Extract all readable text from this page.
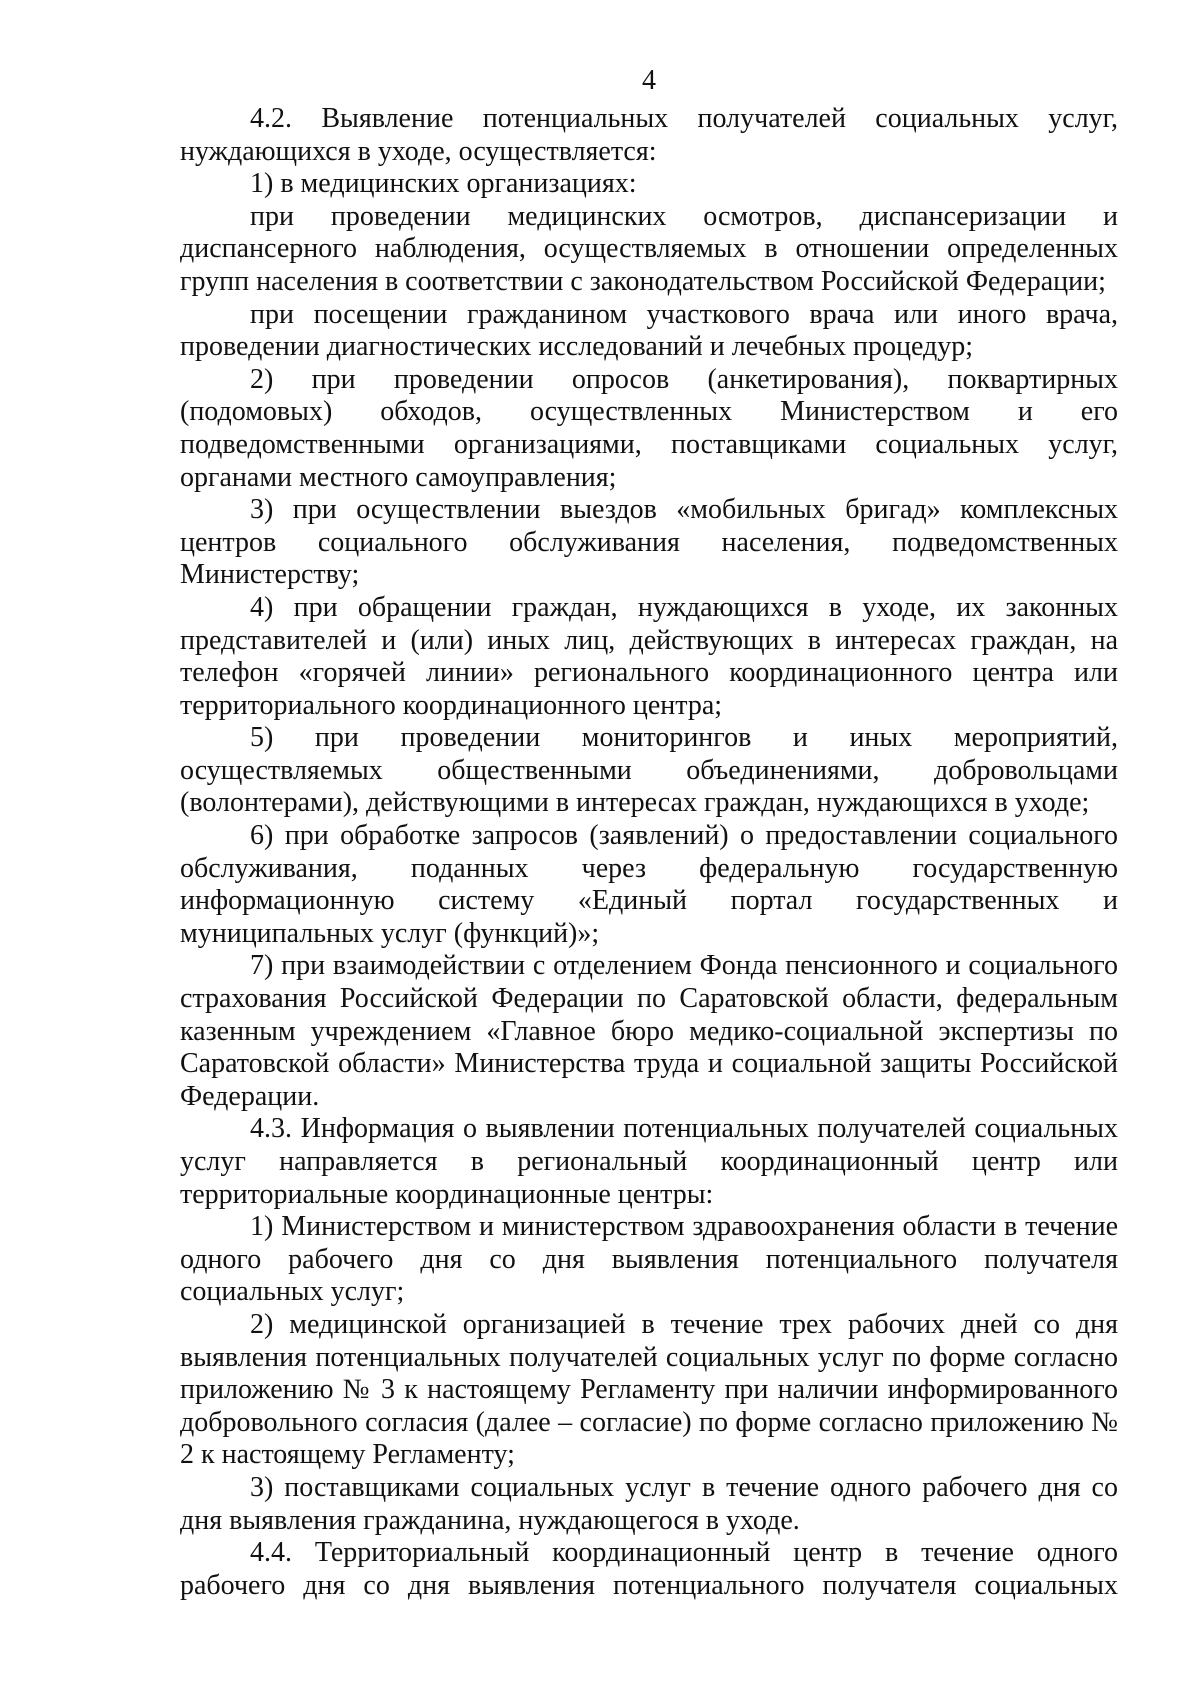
4

4.2. Выявление потенциальных получателей социальных услуг, нуждающихся в уходе, осуществляется:

1) в медицинских организациях:

при проведении медицинских осмотров, диспансеризации и диспансерного наблюдения, осуществляемых в отношении определенных групп населения в соответствии с законодательством Российской Федерации;

при посещении гражданином участкового врача или иного врача, проведении диагностических исследований и лечебных процедур;

2) при проведении опросов (анкетирования), поквартирных (подомовых) обходов, осуществленных Министерством и его подведомственными организациями, поставщиками социальных услуг, органами местного самоуправления;

3) при осуществлении выездов «мобильных бригад» комплексных центров социального обслуживания населения, подведомственных Министерству;

4) при обращении граждан, нуждающихся в уходе, их законных представителей и (или) иных лиц, действующих в интересах граждан, на телефон «горячей линии» регионального координационного центра или территориального координационного центра;

5) при проведении мониторингов и иных мероприятий, осуществляемых общественными объединениями, добровольцами (волонтерами), действующими в интересах граждан, нуждающихся в уходе;

6) при обработке запросов (заявлений) о предоставлении социального обслуживания, поданных через федеральную государственную информационную систему «Единый портал государственных и муниципальных услуг (функций)»;

7) при взаимодействии с отделением Фонда пенсионного и социального страхования Российской Федерации по Саратовской области, федеральным казенным учреждением «Главное бюро медико-социальной экспертизы по Саратовской области» Министерства труда и социальной защиты Российской Федерации.

4.3. Информация о выявлении потенциальных получателей социальных услуг направляется в региональный координационный центр или территориальные координационные центры:

1) Министерством и министерством здравоохранения области в течение одного рабочего дня со дня выявления потенциального получателя социальных услуг;

2) медицинской организацией в течение трех рабочих дней со дня выявления потенциальных получателей социальных услуг по форме согласно приложению № 3 к настоящему Регламенту при наличии информированного добровольного согласия (далее – согласие) по форме согласно приложению № 2 к настоящему Регламенту;

3) поставщиками социальных услуг в течение одного рабочего дня со дня выявления гражданина, нуждающегося в уходе.

4.4. Территориальный координационный центр в течение одного рабочего дня со дня выявления потенциального получателя социальных
